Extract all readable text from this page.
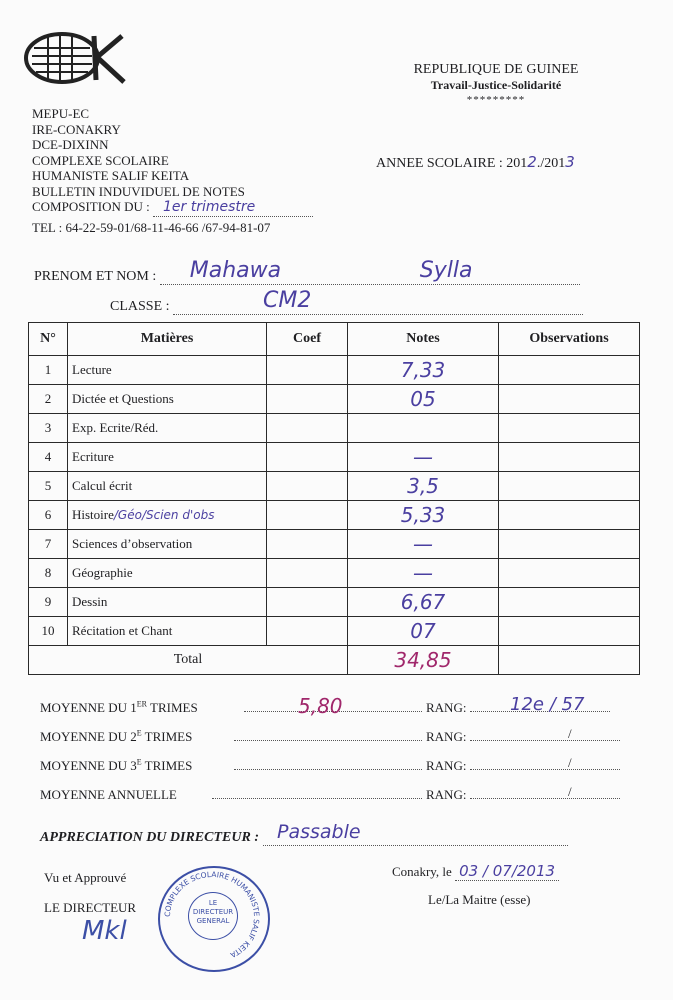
REPUBLIQUE DE GUINEE
Travail-Justice-Solidarité
*********
MEPU-EC
IRE-CONAKRY
DCE-DIXINN
COMPLEXE SCOLAIRE
HUMANISTE SALIF KEITA
BULLETIN INDUVIDUEL DE NOTES
COMPOSITION DU : 1er trimestre
TEL : 64-22-59-01/68-11-46-66 /67-94-81-07
ANNEE SCOLAIRE : 2012./2013
PRENOM ET NOM : Mahawa	Sylla
CLASSE :	CM2
N°	Matières	Coef	Notes	Observations
1	Lecture		7,33	
2	Dictée et Questions		05	
3	Exp. Ecrite/Réd.			
4	Ecriture		—	
5	Calcul écrit		3,5	
6	Histoire/Géo/Scien d'obs		5,33	
7	Sciences d’observation		—	
8	Géographie		—	
9	Dessin		6,67	
10	Récitation et Chant		07	
Total			34,85	
MOYENNE DU 1ER TRIMES	5,80	RANG: 12e / 57
MOYENNE DU $2^E$ TRIMES	RANG:	/
MOYENNE DU $3^E$ TRIMES	RANG:	/
MOYENNE ANNUELLE	RANG:	/
APPRECIATION DU DIRECTEUR : Passable
Vu et Approuvé
LE DIRECTEUR
Mkl
COMPLEXE SCOLAIRE HUMANISTE SALIF KEITA
LE DIRECTEUR GENERAL
Conakry, le 03 / 07/2013
Le/La Maitre (esse)
